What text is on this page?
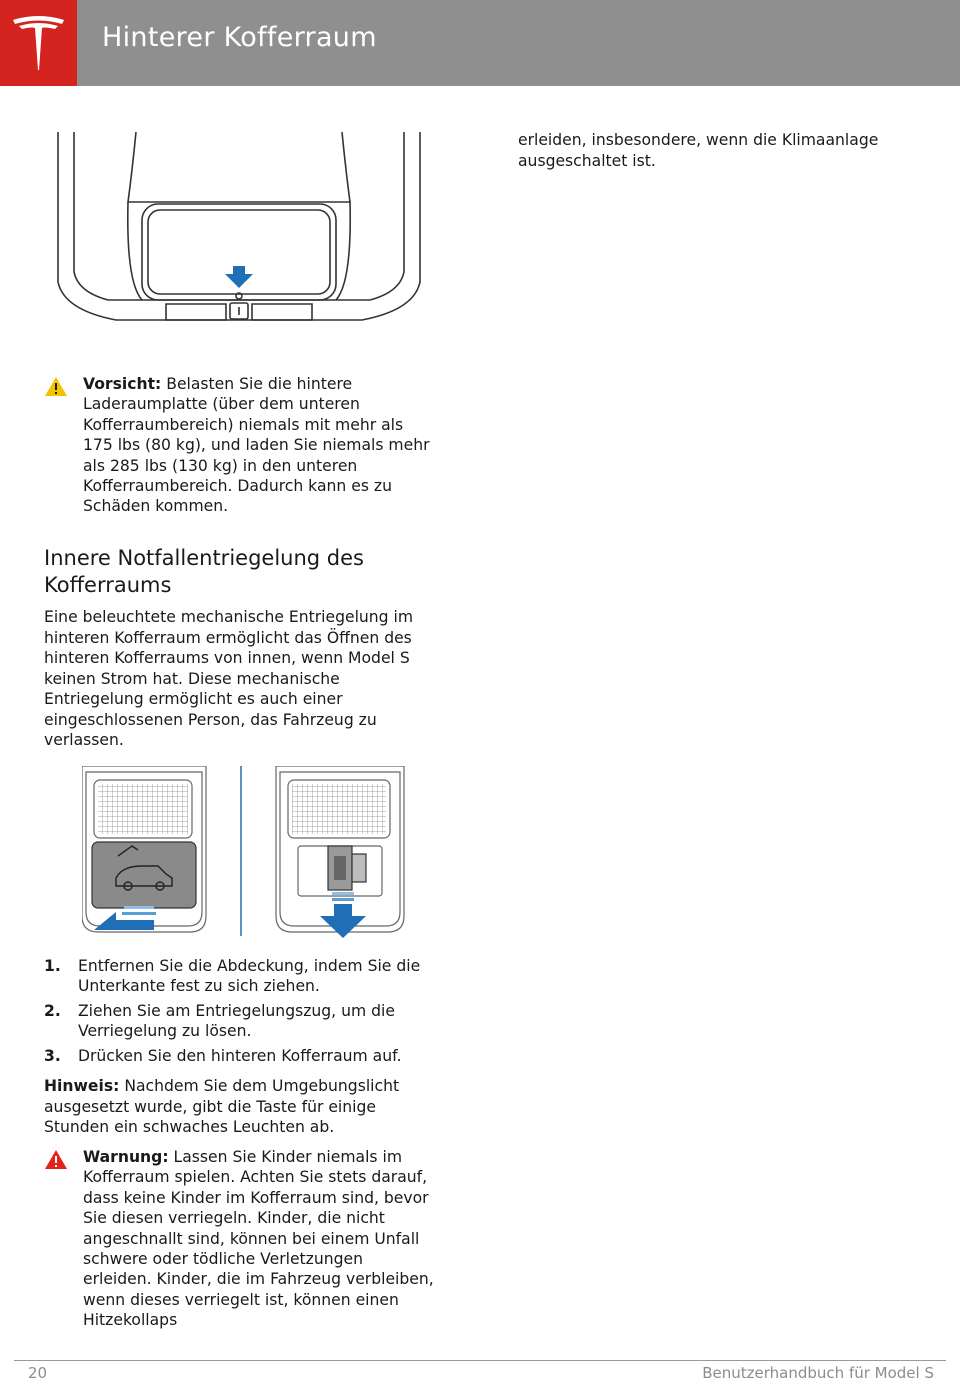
Hinterer Kofferraum
Vorsicht: Belasten Sie die hintere Laderaumplatte (über dem unteren Kofferraumbereich) niemals mit mehr als 175 lbs (80 kg), und laden Sie niemals mehr als 285 lbs (130 kg) in den unteren Kofferraumbereich. Dadurch kann es zu Schäden kommen.
Innere Notfallentriegelung des Kofferraums
Eine beleuchtete mechanische Entriegelung im hinteren Kofferraum ermöglicht das Öffnen des hinteren Kofferraums von innen, wenn Model S keinen Strom hat. Diese mechanische Entriegelung ermöglicht es auch einer eingeschlossenen Person, das Fahrzeug zu verlassen.
1. Entfernen Sie die Abdeckung, indem Sie die Unterkante fest zu sich ziehen.
2. Ziehen Sie am Entriegelungszug, um die Verriegelung zu lösen.
3. Drücken Sie den hinteren Kofferraum auf.
Hinweis: Nachdem Sie dem Umgebungslicht ausgesetzt wurde, gibt die Taste für einige Stunden ein schwaches Leuchten ab.
Warnung: Lassen Sie Kinder niemals im Kofferraum spielen. Achten Sie stets darauf, dass keine Kinder im Kofferraum sind, bevor Sie diesen verriegeln. Kinder, die nicht angeschnallt sind, können bei einem Unfall schwere oder tödliche Verletzungen erleiden. Kinder, die im Fahrzeug verbleiben, wenn dieses verriegelt ist, können einen Hitzekollaps
erleiden, insbesondere, wenn die Klimaanlage ausgeschaltet ist.
20	Benutzerhandbuch für Model S
